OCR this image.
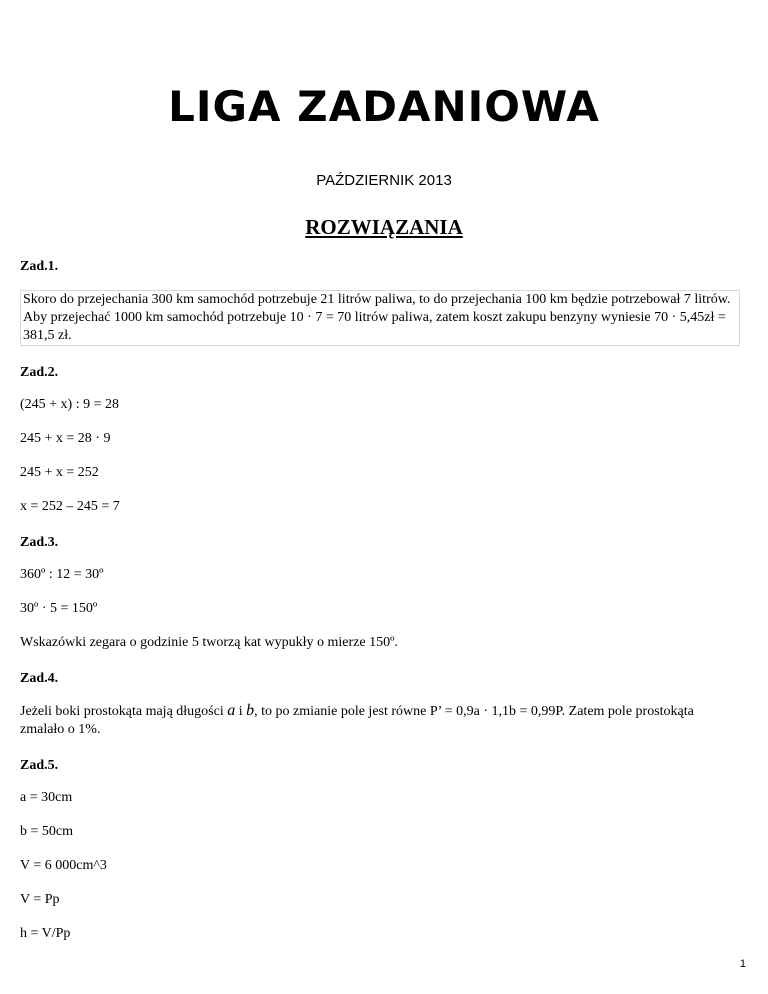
LIGA ZADANIOWA
PAŹDZIERNIK 2013
ROZWIĄZANIA

Zad.1.

Skoro do przejechania 300 km samochód potrzebuje 21 litrów paliwa, to do przejechania 100 km będzie potrzebował 7 litrów. Aby przejechać 1000 km samochód potrzebuje 10 · 7 = 70 litrów paliwa, zatem koszt zakupu benzyny wyniesie 70 · 5,45zł = 381,5 zł.

Zad.2.

(245 + x) : 9 = 28

245 + x = 28 · 9

245 + x = 252

x = 252 – 245 = 7

Zad.3.

360º : 12 = 30º

30º · 5 = 150º

Wskazówki zegara o godzinie 5 tworzą kat wypukły o mierze 150º.

Zad.4.

Jeżeli boki prostokąta mają długości a i b, to po zmianie pole jest równe P’ = 0,9a · 1,1b = 0,99P. Zatem pole prostokąta zmalało o 1%.

Zad.5.

a = 30cm

b = 50cm

V = 6 000cm^3

V = Pp

h = V/Pp

1
